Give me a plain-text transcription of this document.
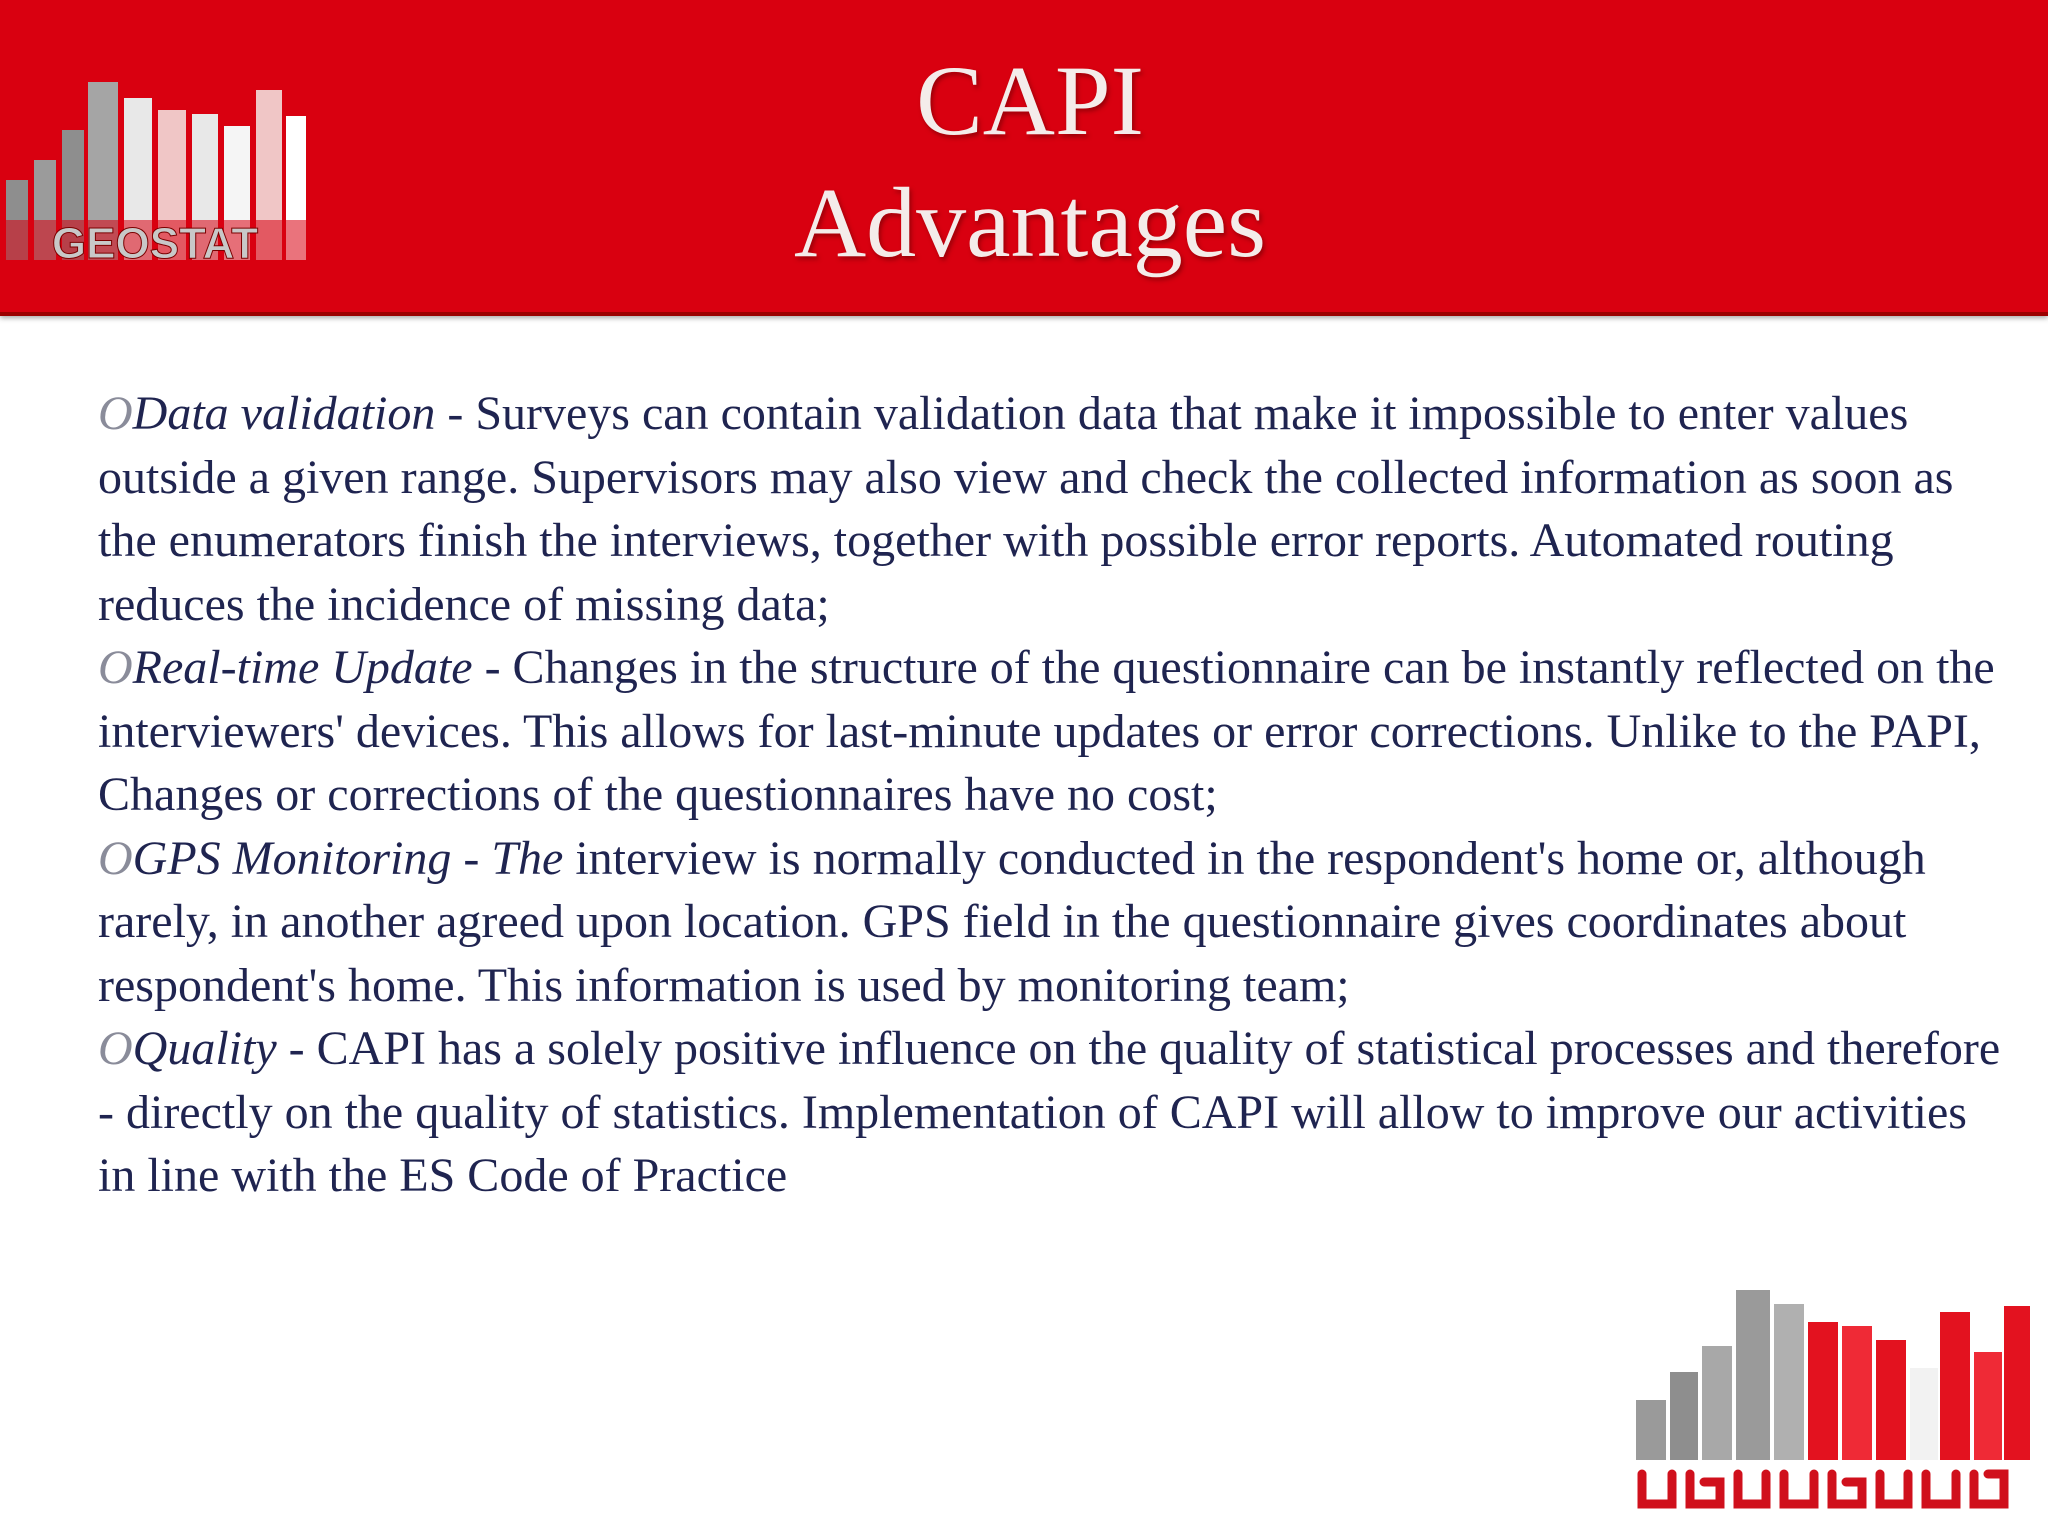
GEOSTAT
CAPI
Advantages
OData validation - Surveys can contain validation data that make it impossible to enter values outside a given range. Supervisors may also view and check the collected information as soon as the enumerators finish the interviews, together with possible error reports. Automated routing reduces the incidence of missing data;
OReal-time Update - Changes in the structure of the questionnaire can be instantly reflected on the interviewers' devices. This allows for last-minute updates or error corrections. Unlike to the PAPI, Changes or corrections of the questionnaires have no cost;
OGPS Monitoring - The interview is normally conducted in the respondent's home or, although rarely, in another agreed upon location. GPS field in the questionnaire gives coordinates about respondent's home. This information is used by monitoring team;
OQuality - CAPI has a solely positive influence on the quality of statistical processes and therefore - directly on the quality of statistics. Implementation of CAPI will allow to improve our activities in line with the ES Code of Practice
